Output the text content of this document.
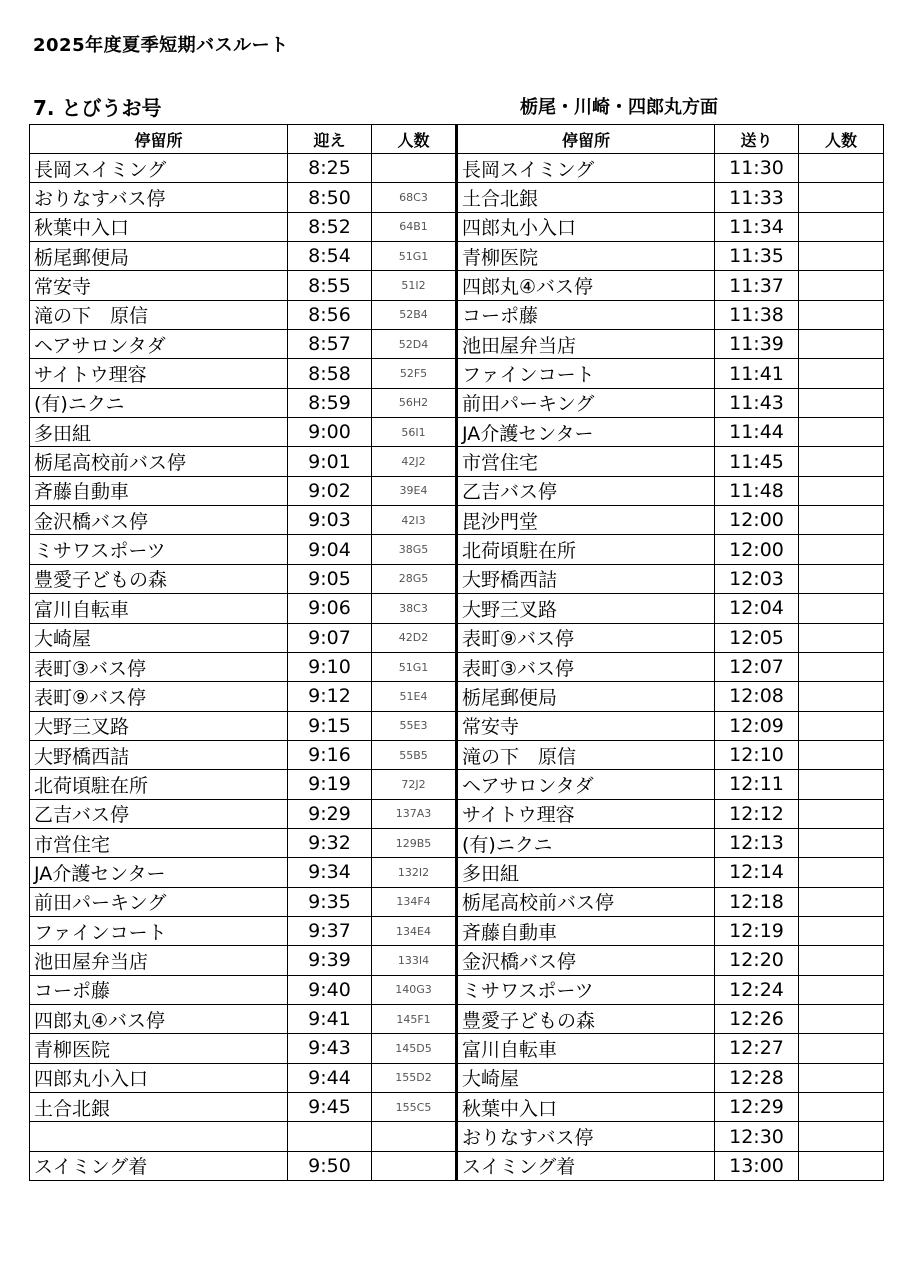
2025年度夏季短期バスルート
7. とびうお号	栃尾・川崎・四郎丸方面
停留所	迎え	人数	停留所	送り	人数
長岡スイミング	8:25		長岡スイミング	11:30	
おりなすバス停	8:50	68C3	土合北銀	11:33	
秋葉中入口	8:52	64B1	四郎丸小入口	11:34	
栃尾郵便局	8:54	51G1	青柳医院	11:35	
常安寺	8:55	51I2	四郎丸④バス停	11:37	
滝の下　原信	8:56	52B4	コーポ藤	11:38	
ヘアサロンタダ	8:57	52D4	池田屋弁当店	11:39	
サイトウ理容	8:58	52F5	ファインコート	11:41	
(有)ニクニ	8:59	56H2	前田パーキング	11:43	
多田組	9:00	56I1	JA介護センター	11:44	
栃尾高校前バス停	9:01	42J2	市営住宅	11:45	
斉藤自動車	9:02	39E4	乙吉バス停	11:48	
金沢橋バス停	9:03	42I3	毘沙門堂	12:00	
ミサワスポーツ	9:04	38G5	北荷頃駐在所	12:00	
豊愛子どもの森	9:05	28G5	大野橋西詰	12:03	
富川自転車	9:06	38C3	大野三叉路	12:04	
大崎屋	9:07	42D2	表町⑨バス停	12:05	
表町③バス停	9:10	51G1	表町③バス停	12:07	
表町⑨バス停	9:12	51E4	栃尾郵便局	12:08	
大野三叉路	9:15	55E3	常安寺	12:09	
大野橋西詰	9:16	55B5	滝の下　原信	12:10	
北荷頃駐在所	9:19	72J2	ヘアサロンタダ	12:11	
乙吉バス停	9:29	137A3	サイトウ理容	12:12	
市営住宅	9:32	129B5	(有)ニクニ	12:13	
JA介護センター	9:34	132I2	多田組	12:14	
前田パーキング	9:35	134F4	栃尾高校前バス停	12:18	
ファインコート	9:37	134E4	斉藤自動車	12:19	
池田屋弁当店	9:39	133I4	金沢橋バス停	12:20	
コーポ藤	9:40	140G3	ミサワスポーツ	12:24	
四郎丸④バス停	9:41	145F1	豊愛子どもの森	12:26	
青柳医院	9:43	145D5	富川自転車	12:27	
四郎丸小入口	9:44	155D2	大崎屋	12:28	
土合北銀	9:45	155C5	秋葉中入口	12:29	
			おりなすバス停	12:30	
スイミング着	9:50		スイミング着	13:00	
